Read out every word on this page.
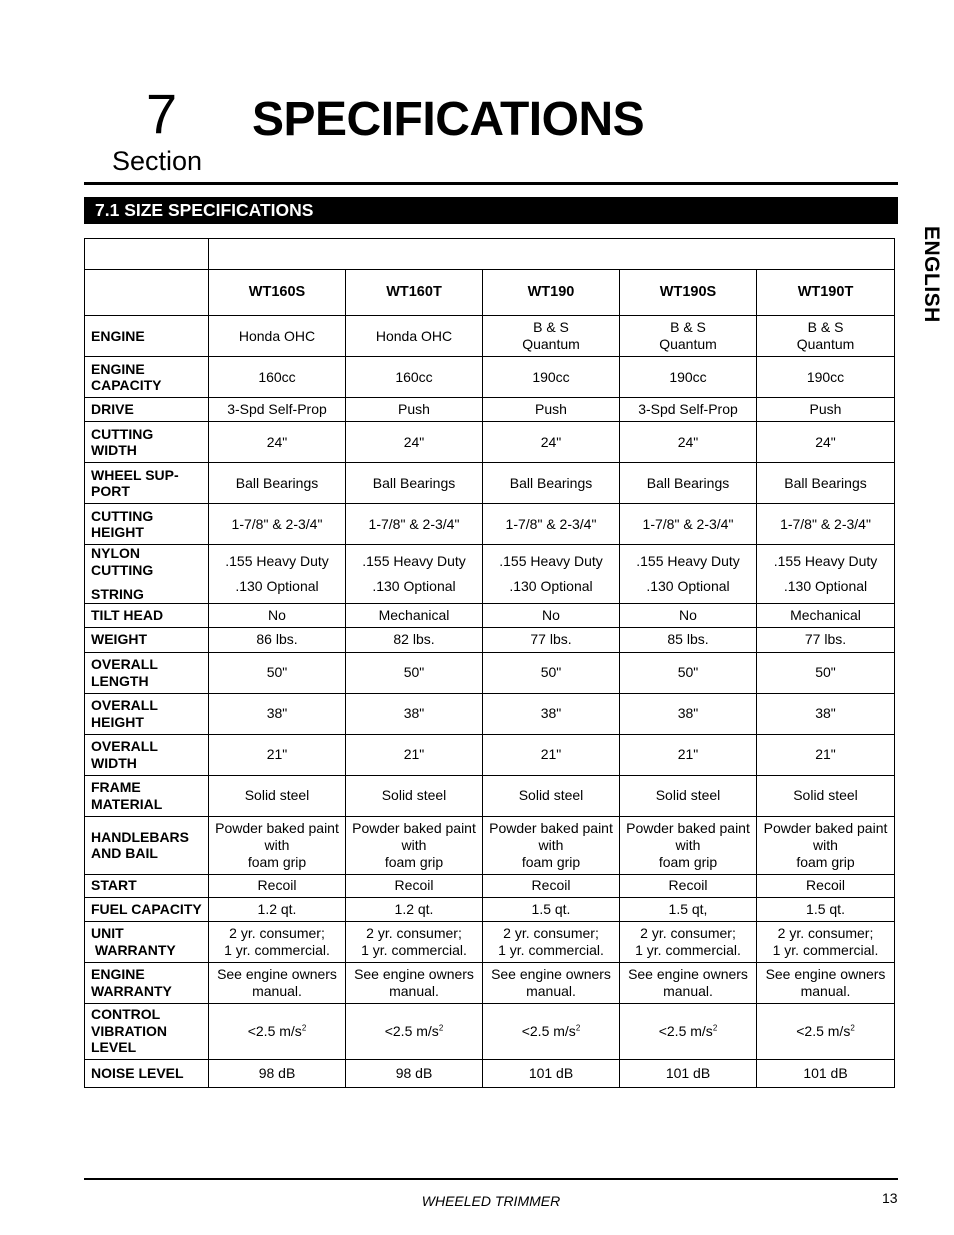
7
Section
SPECIFICATIONS
7.1 SIZE SPECIFICATIONS
ENGLISH

	WT160S	WT160T	WT190	WT190S	WT190T

ENGINE	Honda OHC	Honda OHC	B & S
Quantum	B & S
Quantum	B & S
Quantum

ENGINE
CAPACITY	160cc	160cc	190cc	190cc	190cc

DRIVE	3-Spd Self-Prop	Push	Push	3-Spd Self-Prop	Push

CUTTING
WIDTH	24"	24"	24"	24"	24"

WHEEL SUP-
PORT	Ball Bearings	Ball Bearings	Ball Bearings	Ball Bearings	Ball Bearings

CUTTING
HEIGHT	1-7/8" & 2-3/4"	1-7/8" & 2-3/4"	1-7/8" & 2-3/4"	1-7/8" & 2-3/4"	1-7/8" & 2-3/4"

NYLON CUTTING
STRING	.155 Heavy Duty
.130 Optional	.155 Heavy Duty
.130 Optional	.155 Heavy Duty
.130 Optional	.155 Heavy Duty
.130 Optional	.155 Heavy Duty
.130 Optional

TILT HEAD	No	Mechanical	No	No	Mechanical

WEIGHT	86 lbs.	82 lbs.	77 lbs.	85 lbs.	77 lbs.

OVERALL
LENGTH	50"	50"	50"	50"	50"

OVERALL
HEIGHT	38"	38"	38"	38"	38"

OVERALL
WIDTH	21"	21"	21"	21"	21"

FRAME
MATERIAL	Solid steel	Solid steel	Solid steel	Solid steel	Solid steel

HANDLEBARS
AND BAIL	Powder baked paint
with
foam grip	Powder baked paint
with
foam grip	Powder baked paint
with
foam grip	Powder baked paint
with
foam grip	Powder baked paint
with
foam grip

START	Recoil	Recoil	Recoil	Recoil	Recoil

FUEL CAPACITY	1.2 qt.	1.2 qt.	1.5 qt.	1.5 qt,	1.5 qt.

UNIT
WARRANTY	2 yr. consumer;
1 yr. commercial.	2 yr. consumer;
1 yr. commercial.	2 yr. consumer;
1 yr. commercial.	2 yr. consumer;
1 yr. commercial.	2 yr. consumer;
1 yr. commercial.

ENGINE
WARRANTY	See engine owners
manual.	See engine owners
manual.	See engine owners
manual.	See engine owners
manual.	See engine owners
manual.

CONTROL
VIBRATION
LEVEL	<2.5 $m/s^2$	<2.5 $m/s^2$	<2.5 $m/s^2$	<2.5 $m/s^2$	<2.5 $m/s^2$

NOISE LEVEL	98 dB	98 dB	101 dB	101 dB	101 dB
WHEELED TRIMMER	13
